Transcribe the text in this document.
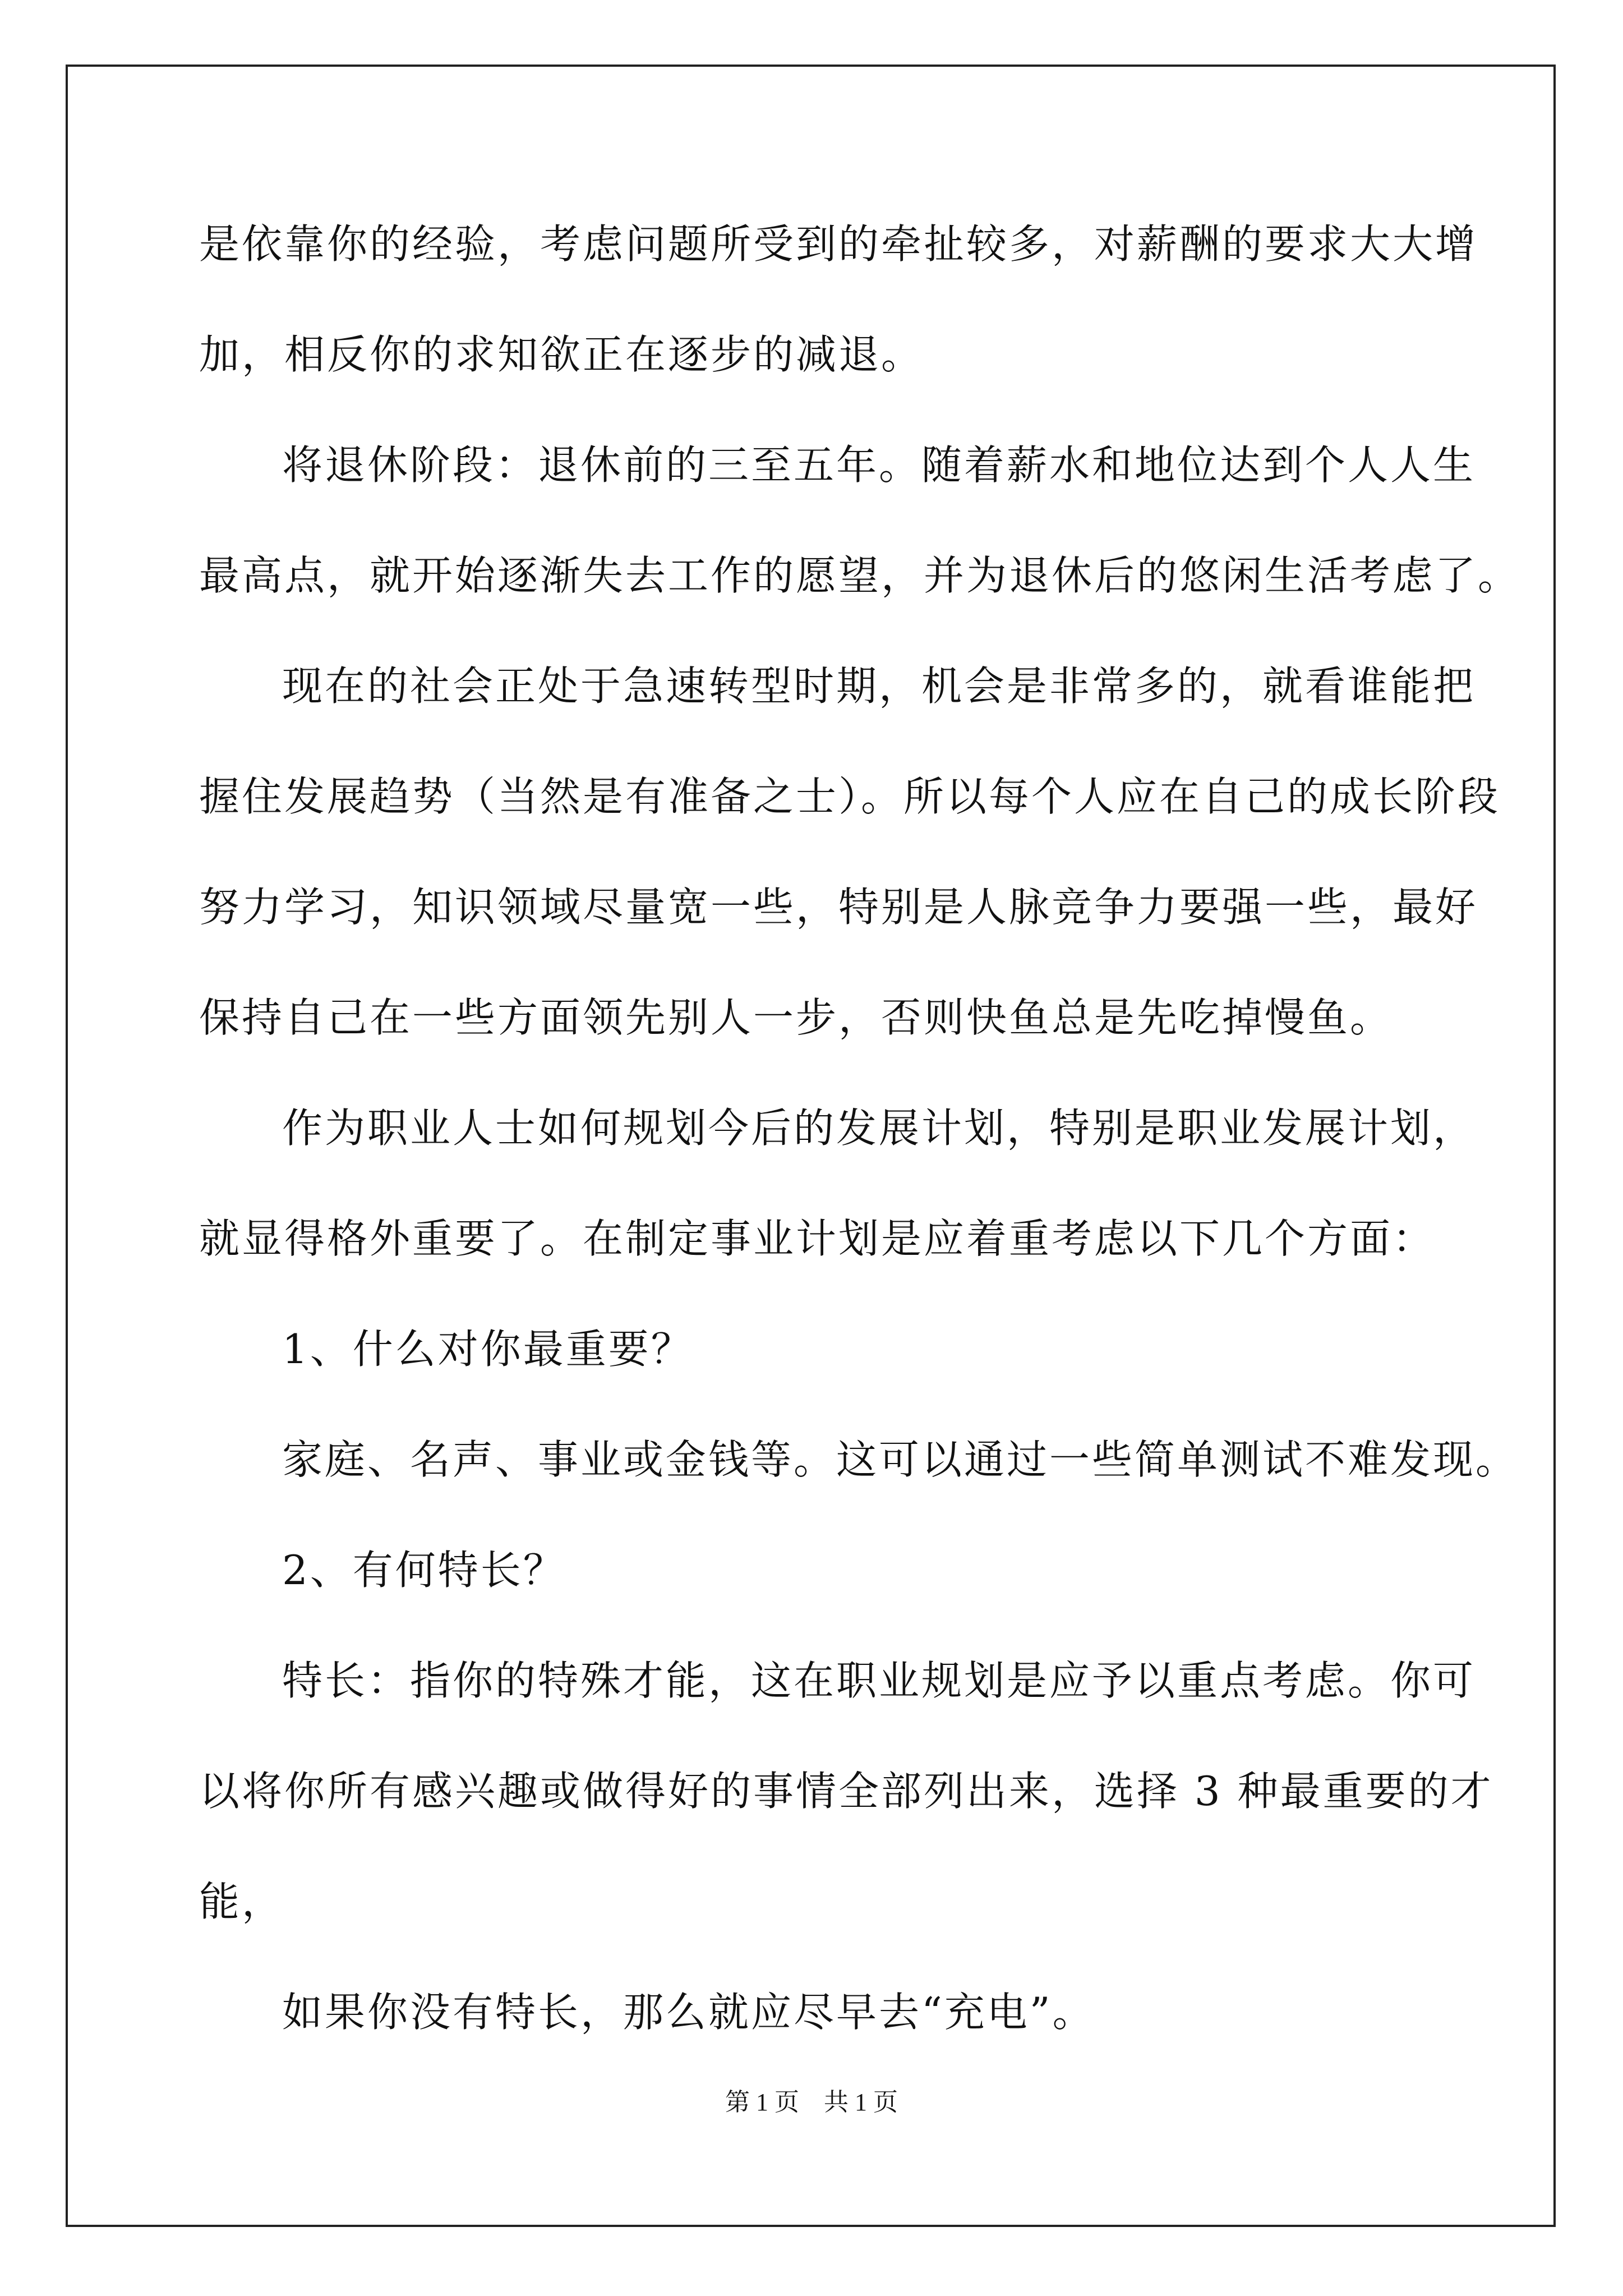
是依靠你的经验，考虑问题所受到的牵扯较多，对薪酬的要求大大增
加，相反你的求知欲正在逐步的减退。
将退休阶段：退休前的三至五年。随着薪水和地位达到个人人生
最高点，就开始逐渐失去工作的愿望，并为退休后的悠闲生活考虑了。
现在的社会正处于急速转型时期，机会是非常多的，就看谁能把
握住发展趋势（当然是有准备之士）。所以每个人应在自己的成长阶段
努力学习，知识领域尽量宽一些，特别是人脉竞争力要强一些，最好
保持自己在一些方面领先别人一步，否则快鱼总是先吃掉慢鱼。
作为职业人士如何规划今后的发展计划，特别是职业发展计划，
就显得格外重要了。在制定事业计划是应着重考虑以下几个方面：
1、什么对你最重要？
家庭、名声、事业或金钱等。这可以通过一些简单测试不难发现。
2、有何特长？
特长：指你的特殊才能，这在职业规划是应予以重点考虑。你可
以将你所有感兴趣或做得好的事情全部列出来，选择 3 种最重要的才
能，
如果你没有特长，那么就应尽早去“充电”。
第 1 页　共 1 页
